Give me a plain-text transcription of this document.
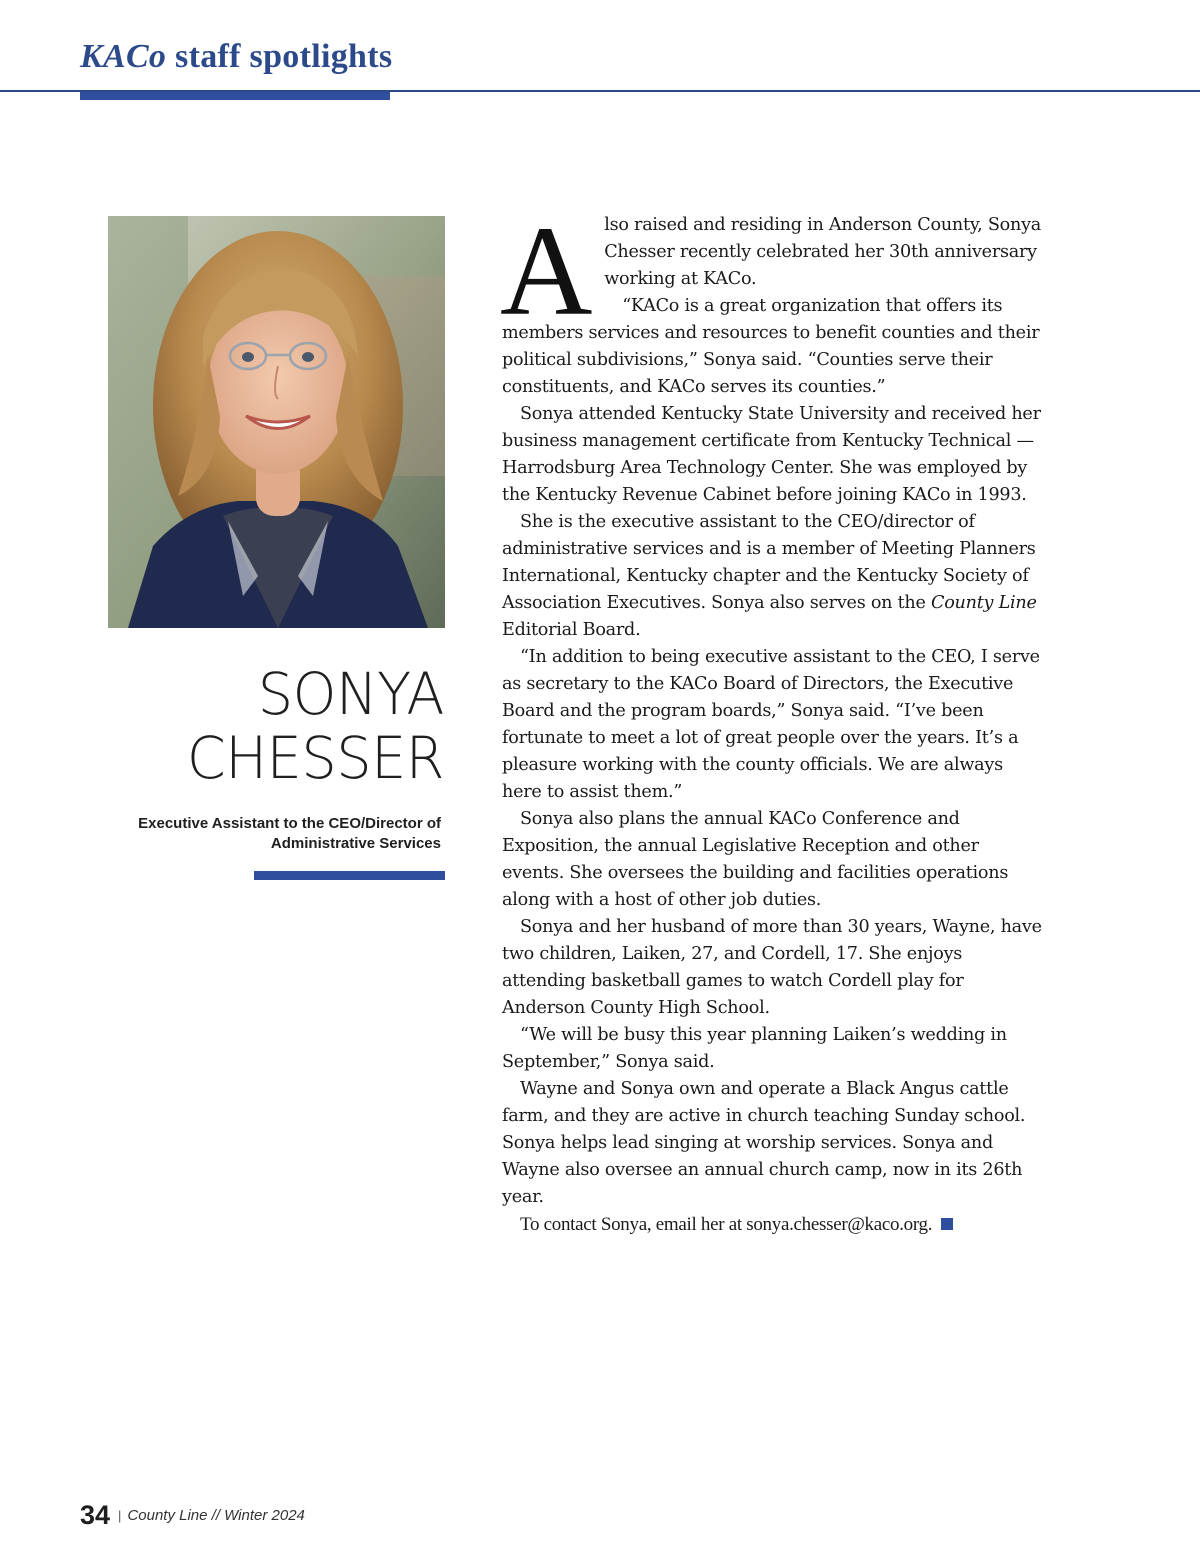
KACo staff spotlights
SONYA
CHESSER
Executive Assistant to the CEO/Director of
Administrative Services
A lso raised and residing in Anderson County, Sonya Chesser recently celebrated her 30th anniversary working at KACo.

“KACo is a great organization that offers its members services and resources to benefit counties and their political subdivisions,” Sonya said. “Counties serve their constituents, and KACo serves its counties.”

Sonya attended Kentucky State University and received her business management certificate from Kentucky Technical — Harrodsburg Area Technology Center. She was employed by the Kentucky Revenue Cabinet before joining KACo in 1993.

She is the executive assistant to the CEO/director of administrative services and is a member of Meeting Planners International, Kentucky chapter and the Kentucky Society of Association Executives. Sonya also serves on the County Line Editorial Board.

“In addition to being executive assistant to the CEO, I serve as secretary to the KACo Board of Directors, the Executive Board and the program boards,” Sonya said. “I’ve been fortunate to meet a lot of great people over the years. It’s a pleasure working with the county officials. We are always here to assist them.”

Sonya also plans the annual KACo Conference and Exposition, the annual Legislative Reception and other events. She oversees the building and facilities operations along with a host of other job duties.

Sonya and her husband of more than 30 years, Wayne, have two children, Laiken, 27, and Cordell, 17. She enjoys attending basketball games to watch Cordell play for Anderson County High School.

“We will be busy this year planning Laiken’s wedding in September,” Sonya said.

Wayne and Sonya own and operate a Black Angus cattle farm, and they are active in church teaching Sunday school. Sonya helps lead singing at worship services. Sonya and Wayne also oversee an annual church camp, now in its 26th year.

To contact Sonya, email her at sonya.chesser@kaco.org.

34 | County Line // Winter 2024
